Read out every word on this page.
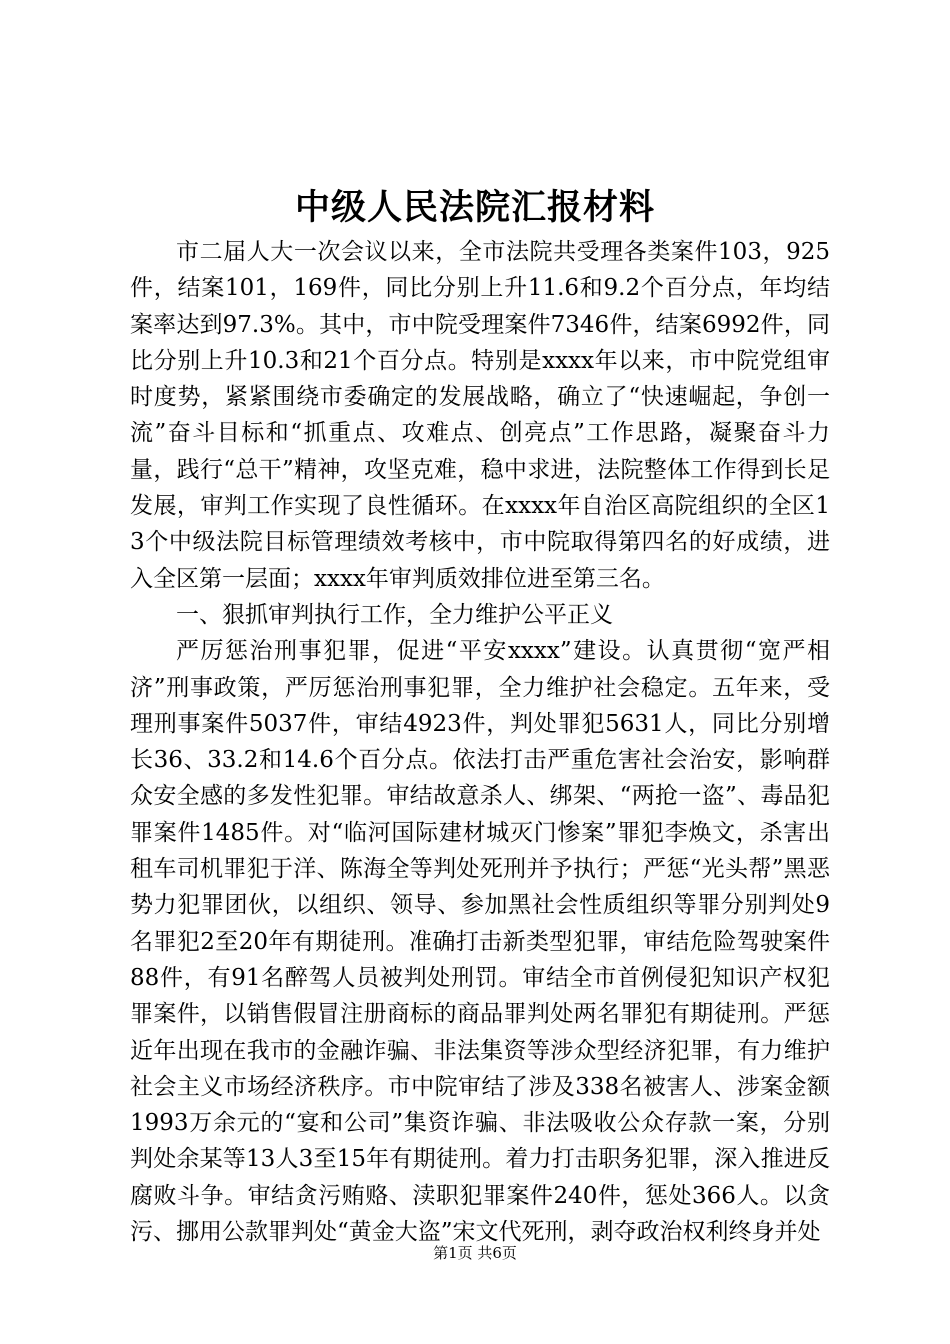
中级人民法院汇报材料

市二届人大一次会议以来，全市法院共受理各类案件103，925件，结案101，169件，同比分别上升11.6和9.2个百分点，年均结案率达到97.3%。其中，市中院受理案件7346件，结案6992件，同比分别上升10.3和21个百分点。特别是xxxx年以来，市中院党组审时度势，紧紧围绕市委确定的发展战略，确立了“快速崛起，争创一流”奋斗目标和“抓重点、攻难点、创亮点”工作思路，凝聚奋斗力量，践行“总干”精神，攻坚克难，稳中求进，法院整体工作得到长足发展，审判工作实现了良性循环。在xxxx年自治区高院组织的全区13个中级法院目标管理绩效考核中，市中院取得第四名的好成绩，进入全区第一层面；xxxx年审判质效排位进至第三名。

一、狠抓审判执行工作，全力维护公平正义

严厉惩治刑事犯罪，促进“平安xxxx”建设。认真贯彻“宽严相济”刑事政策，严厉惩治刑事犯罪，全力维护社会稳定。五年来，受理刑事案件5037件，审结4923件，判处罪犯5631人，同比分别增长36、33.2和14.6个百分点。依法打击严重危害社会治安，影响群众安全感的多发性犯罪。审结故意杀人、绑架、“两抢一盗”、毒品犯罪案件1485件。对“临河国际建材城灭门惨案”罪犯李焕文，杀害出租车司机罪犯于洋、陈海全等判处死刑并予执行；严惩“光头帮”黑恶势力犯罪团伙，以组织、领导、参加黑社会性质组织等罪分别判处9名罪犯2至20年有期徒刑。准确打击新类型犯罪，审结危险驾驶案件88件，有91名醉驾人员被判处刑罚。审结全市首例侵犯知识产权犯罪案件，以销售假冒注册商标的商品罪判处两名罪犯有期徒刑。严惩近年出现在我市的金融诈骗、非法集资等涉众型经济犯罪，有力维护社会主义市场经济秩序。市中院审结了涉及338名被害人、涉案金额1993万余元的“宴和公司”集资诈骗、非法吸收公众存款一案，分别判处余某等13人3至15年有期徒刑。着力打击职务犯罪，深入推进反腐败斗争。审结贪污贿赂、渎职犯罪案件240件，惩处366人。以贪污、挪用公款罪判处“黄金大盗”宋文代死刑，剥夺政治权利终身并处

第1页 共6页
